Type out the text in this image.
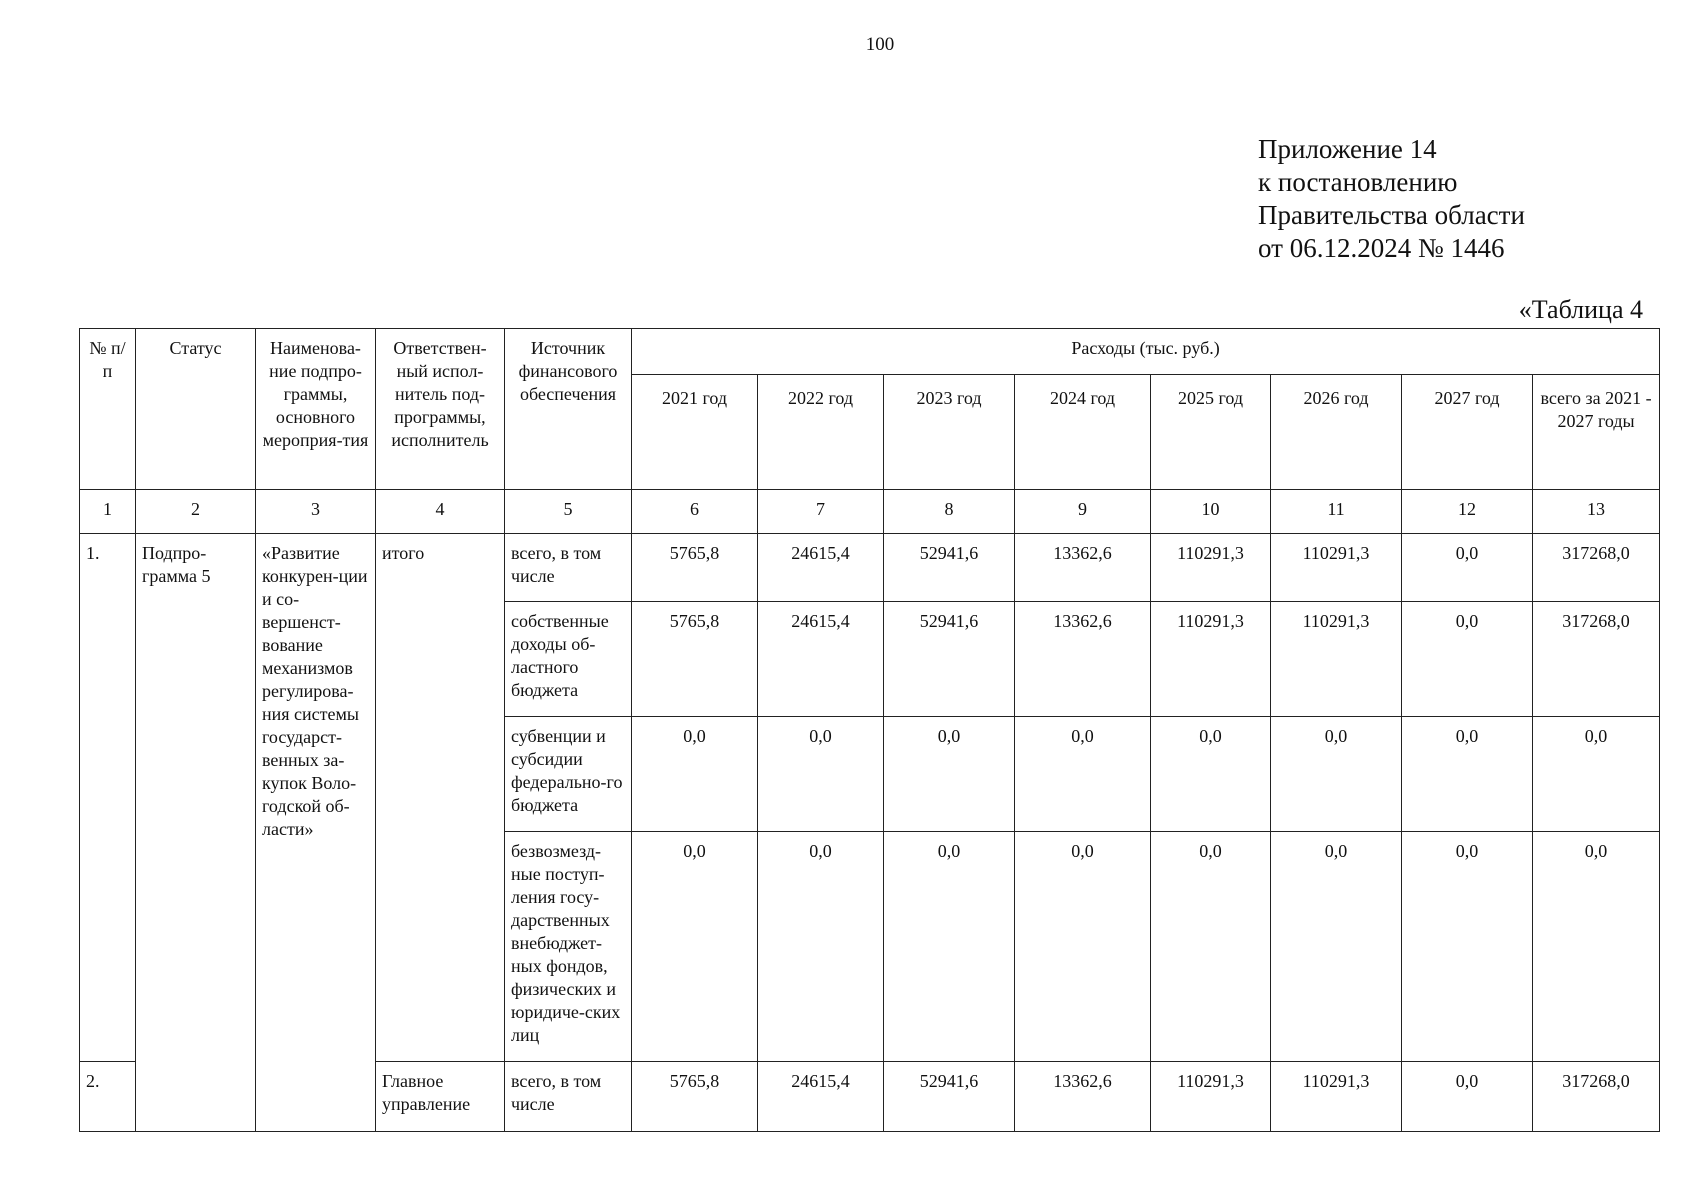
100
Приложение 14
к постановлению
Правительства области
от 06.12.2024 № 1446
«Таблица 4
№ п/п	Статус	Наименова-ние подпро-граммы, основного мероприя-тия	Ответствен-ный испол-нитель под-программы, исполнитель	Источник финансового обеспечения	Расходы (тыс. руб.)							
					2021 год	2022 год	2023 год	2024 год	2025 год	2026 год	2027 год	всего за 2021 - 2027 годы
1	2	3	4	5	6	7	8	9	10	11	12	13
1.	Подпро-грамма 5	«Развитие конкурен-ции и со-вершенст-вование механизмов регулирова-ния системы государст-венных за-купок Воло-годской об-ласти»	итого	всего, в том числе	5765,8	24615,4	52941,6	13362,6	110291,3	110291,3	0,0	317268,0
				собственные доходы об-ластного бюджета	5765,8	24615,4	52941,6	13362,6	110291,3	110291,3	0,0	317268,0
				субвенции и субсидии федерально-го бюджета	0,0	0,0	0,0	0,0	0,0	0,0	0,0	0,0
				безвозмезд-ные поступ-ления госу-дарственных внебюджет-ных фондов, физических и юридиче-ских лиц	0,0	0,0	0,0	0,0	0,0	0,0	0,0	0,0
2.			Главное управление	всего, в том числе	5765,8	24615,4	52941,6	13362,6	110291,3	110291,3	0,0	317268,0
